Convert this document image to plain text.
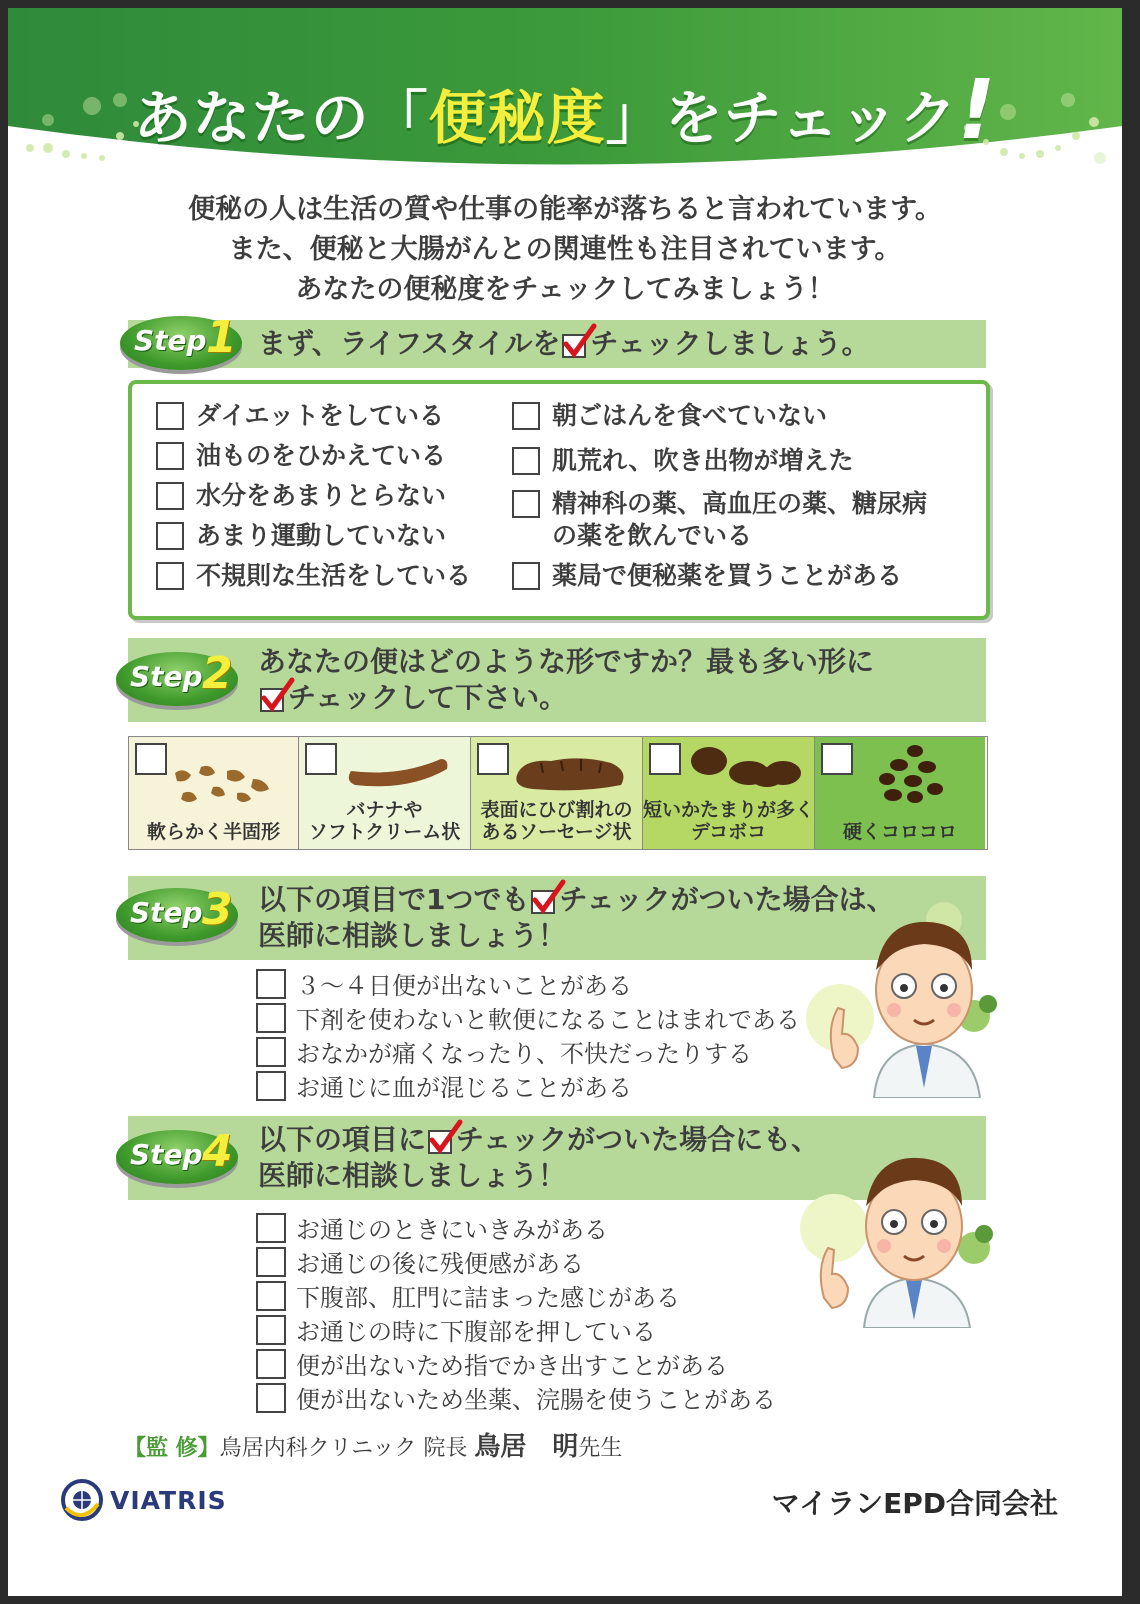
あなたの「便秘度」をチェック!
便秘の人は生活の質や仕事の能率が落ちると言われています。
また、便秘と大腸がんとの関連性も注目されています。
あなたの便秘度をチェックしてみましょう！
Step 1 まず、ライフスタイルを チェックしましょう。
ダイエットをしている
油ものをひかえている
水分をあまりとらない
あまり運動していない
不規則な生活をしている
朝ごはんを食べていない
肌荒れ、吹き出物が増えた
精神科の薬、高血圧の薬、糖尿病の薬を飲んでいる
薬局で便秘薬を買うことがある
Step 2 あなたの便はどのような形ですか？最も多い形に
チェックして下さい。
軟らかく半固形
バナナや
ソフトクリーム状
表面にひび割れの
あるソーセージ状
短いかたまりが多く
デコボコ	硬くコロコロ
Step 3 以下の項目で1つでも チェックがついた場合は、
医師に相談しましょう！
３～４日便が出ないことがある
下剤を使わないと軟便になることはまれである
おなかが痛くなったり、不快だったりする
お通じに血が混じることがある
Step 4 以下の項目に チェックがついた場合にも、
医師に相談しましょう！
お通じのときにいきみがある
お通じの後に残便感がある
下腹部、肛門に詰まった感じがある
お通じの時に下腹部を押している
便が出ないため指でかき出すことがある
便が出ないため坐薬、浣腸を使うことがある
【監 修】鳥居内科クリニック 院長 鳥居　明先生
VIATRIS	マイランEPD合同会社
